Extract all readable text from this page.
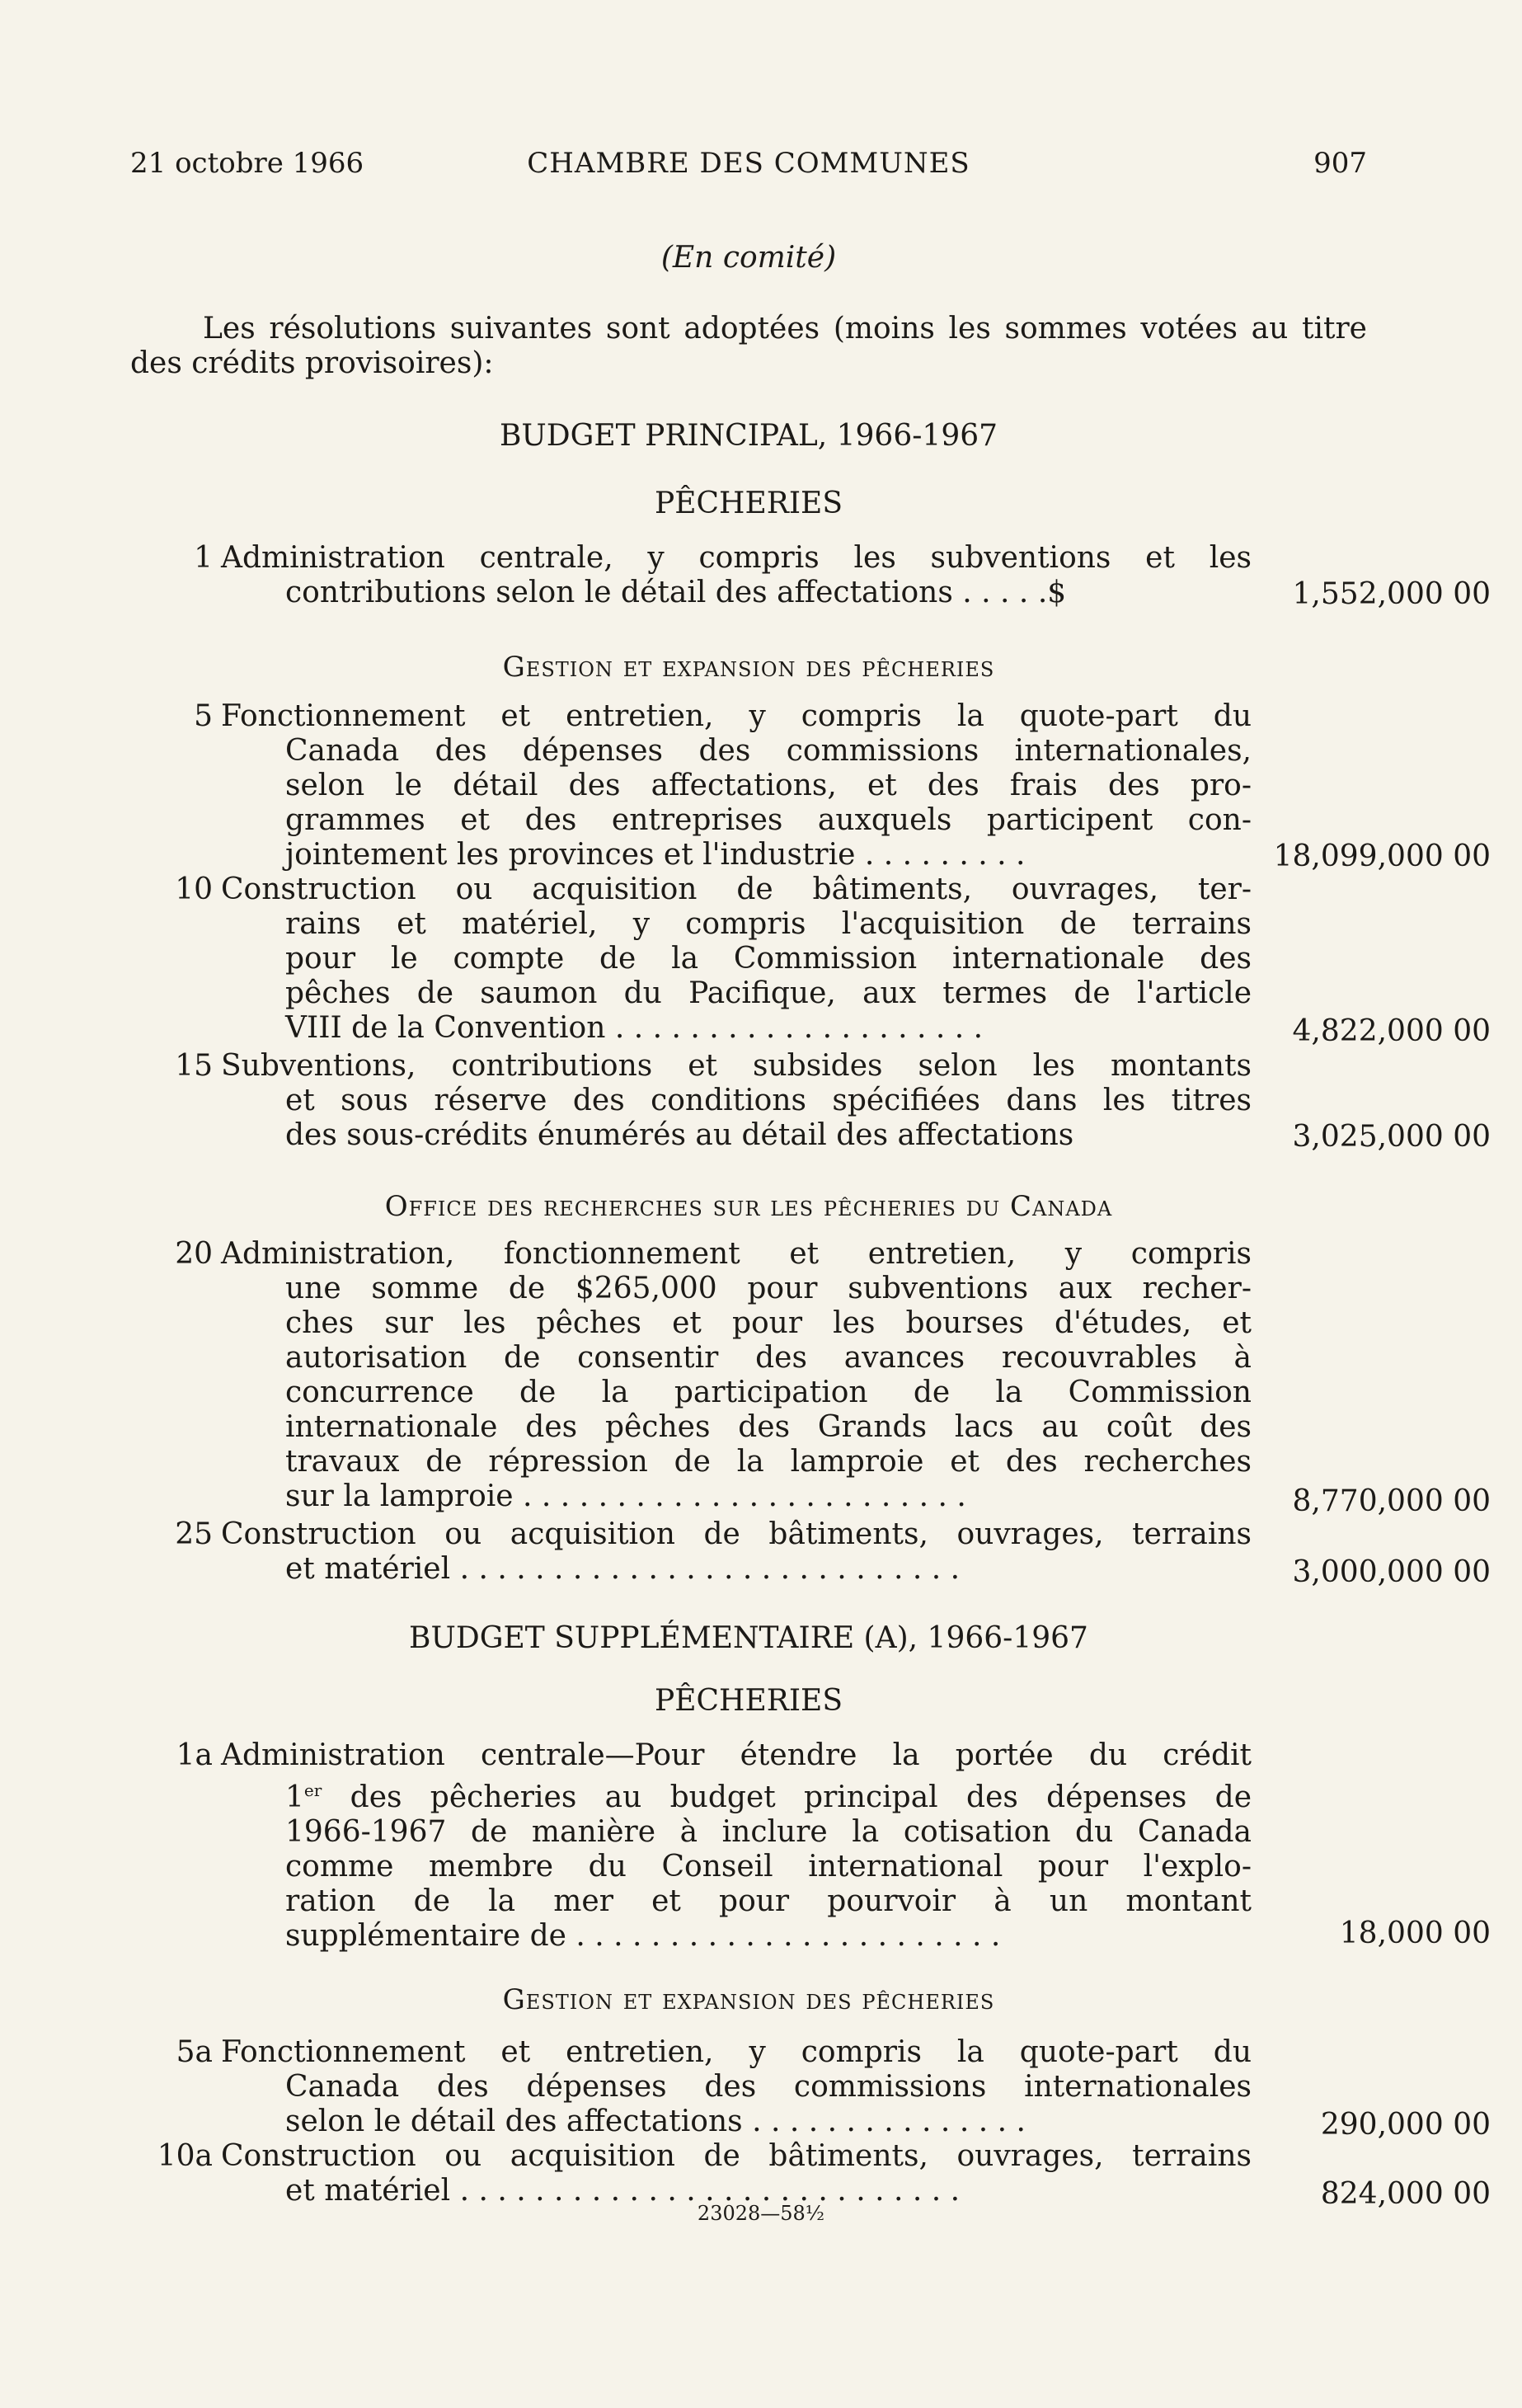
21 octobre 1966	CHAMBRE DES COMMUNES	907
(En comité)
Les résolutions suivantes sont adoptées (moins les sommes votées au titre des crédits provisoires):
BUDGET PRINCIPAL, 1966-1967
PÊCHERIES
1 Administration centrale, y compris les subventions et les
contributions selon le détail des affectations . . . . .$	1,552,000 00
Gestion et expansion des pêcheries
5 Fonctionnement et entretien, y compris la quote-part du
Canada des dépenses des commissions internationales,
selon le détail des affectations, et des frais des pro-
grammes et des entreprises auxquels participent con-
jointement les provinces et l'industrie . . . . . . . . .	18,099,000 00
10 Construction ou acquisition de bâtiments, ouvrages, ter-
rains et matériel, y compris l'acquisition de terrains
pour le compte de la Commission internationale des
pêches de saumon du Pacifique, aux termes de l'article
VIII de la Convention . . . . . . . . . . . . . . . . . . . .	4,822,000 00
15 Subventions, contributions et subsides selon les montants
et sous réserve des conditions spécifiées dans les titres
des sous-crédits énumérés au détail des affectations	3,025,000 00
Office des recherches sur les pêcheries du Canada
20 Administration, fonctionnement et entretien, y compris
une somme de $265,000 pour subventions aux recher-
ches sur les pêches et pour les bourses d'études, et
autorisation de consentir des avances recouvrables à
concurrence de la participation de la Commission
internationale des pêches des Grands lacs au coût des
travaux de répression de la lamproie et des recherches
sur la lamproie . . . . . . . . . . . . . . . . . . . . . . . .	8,770,000 00
25 Construction ou acquisition de bâtiments, ouvrages, terrains
et matériel . . . . . . . . . . . . . . . . . . . . . . . . . . .	3,000,000 00
BUDGET SUPPLÉMENTAIRE (A), 1966-1967
PÊCHERIES
1a Administration centrale—Pour étendre la portée du crédit
1er des pêcheries au budget principal des dépenses de
1966-1967 de manière à inclure la cotisation du Canada
comme membre du Conseil international pour l'explo-
ration de la mer et pour pourvoir à un montant
supplémentaire de . . . . . . . . . . . . . . . . . . . . . . .	18,000 00
Gestion et expansion des pêcheries
5a Fonctionnement et entretien, y compris la quote-part du
Canada des dépenses des commissions internationales
selon le détail des affectations . . . . . . . . . . . . . . .	290,000 00
10a Construction ou acquisition de bâtiments, ouvrages, terrains
et matériel . . . . . . . . . . . . . . . . . . . . . . . . . . .	824,000 00
23028—58½
